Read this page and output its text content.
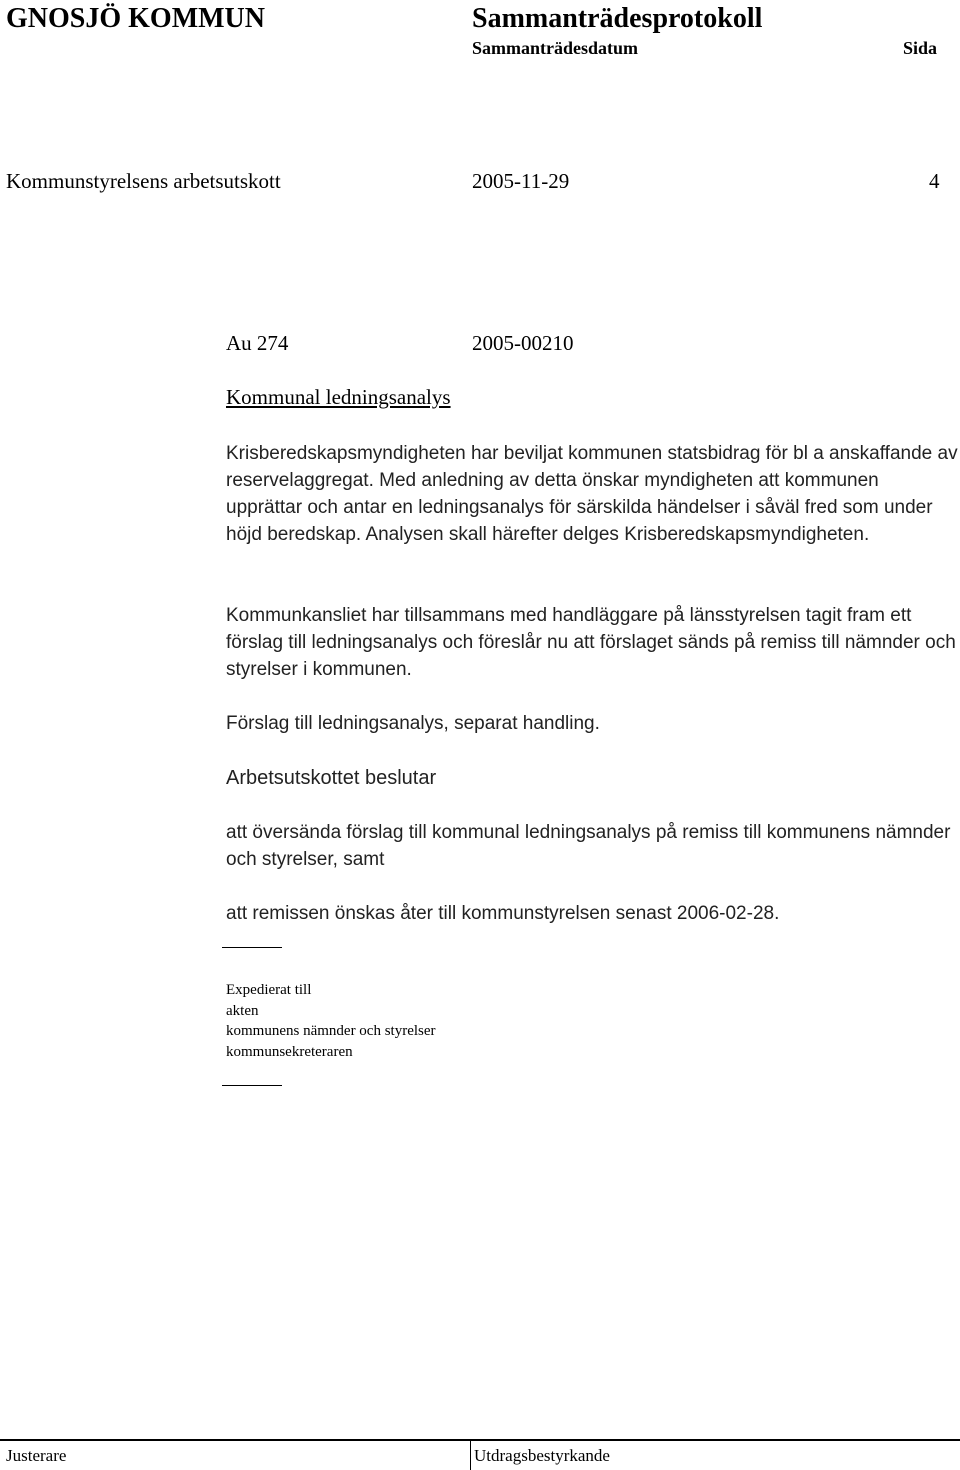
GNOSJÖ KOMMUN	Sammanträdesprotokoll
Sammanträdesdatum	Sida
Kommunstyrelsens arbetsutskott	2005-11-29	4
Au 274	2005-00210
Kommunal ledningsanalys

Krisberedskapsmyndigheten har beviljat kommunen statsbidrag för bl a anskaffande av reservelaggregat. Med anledning av detta önskar myndigheten att kommunen upprättar och antar en ledningsanalys för särskilda händelser i såväl fred som under höjd beredskap. Analysen skall härefter delges Krisberedskapsmyndigheten.

Kommunkansliet har tillsammans med handläggare på länsstyrelsen tagit fram ett förslag till ledningsanalys och föreslår nu att förslaget sänds på remiss till nämnder och styrelser i kommunen.

Förslag till ledningsanalys, separat handling.

Arbetsutskottet beslutar

att översända förslag till kommunal ledningsanalys på remiss till kommunens nämnder och styrelser, samt

att remissen önskas åter till kommunstyrelsen senast 2006-02-28.

Expedierat till
akten
kommunens nämnder och styrelser
kommunsekreteraren
Justerare	Utdragsbestyrkande
